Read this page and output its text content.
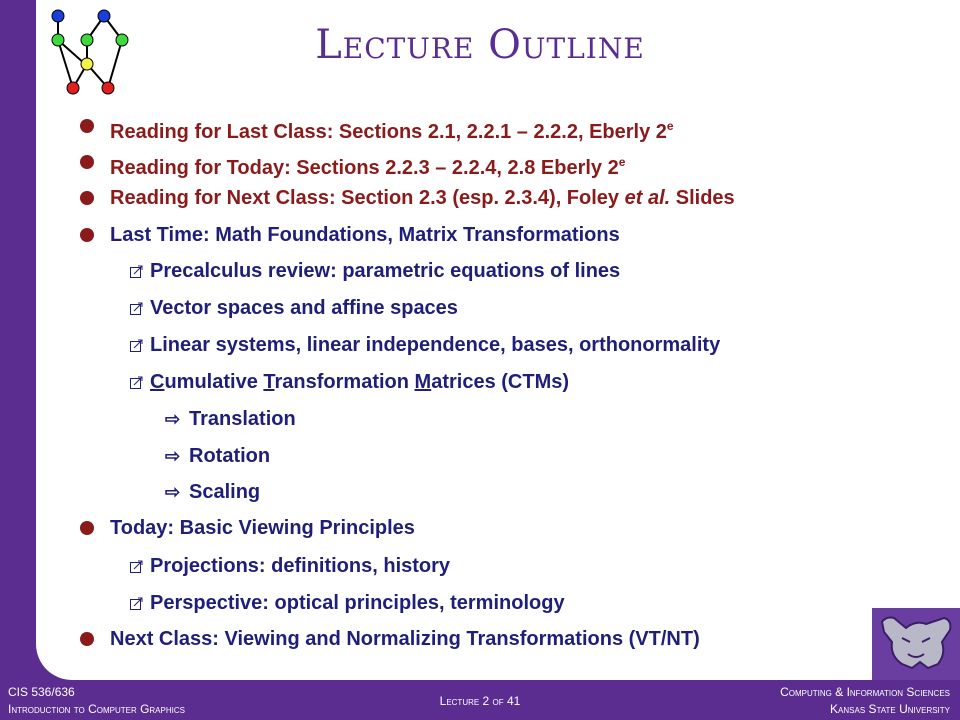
Lecture Outline
Reading for Last Class: Sections 2.1, 2.2.1 – 2.2.2, Eberly 2e
Reading for Today: Sections 2.2.3 – 2.2.4, 2.8 Eberly 2e
Reading for Next Class: Section 2.3 (esp. 2.3.4), Foley et al. Slides
Last Time: Math Foundations, Matrix Transformations
Precalculus review: parametric equations of lines
Vector spaces and affine spaces
Linear systems, linear independence, bases, orthonormality
Cumulative Transformation Matrices (CTMs)
⇨ Translation
⇨ Rotation
⇨ Scaling
Today: Basic Viewing Principles
Projections: definitions, history
Perspective: optical principles, terminology
Next Class: Viewing and Normalizing Transformations (VT/NT)
CIS 536/636
Introduction to Computer Graphics
Lecture 2 of 41
Computing & Information Sciences
Kansas State University
